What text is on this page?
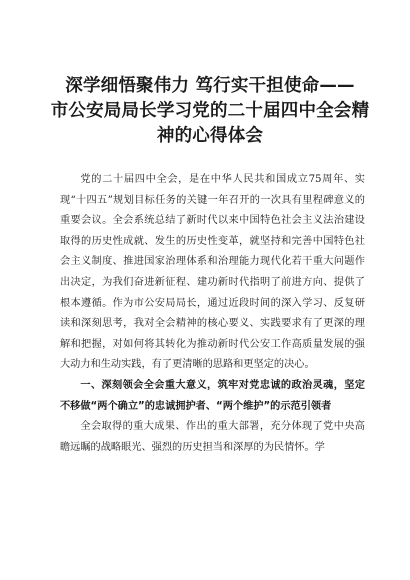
深学细悟聚伟力 笃行实干担使命——
市公安局局长学习党的二十届四中全会精
神的心得体会

党的二十届四中全会，是在中华人民共和国成立75周年、实现“十四五”规划目标任务的关键一年召开的一次具有里程碑意义的重要会议。全会系统总结了新时代以来中国特色社会主义法治建设取得的历史性成就、发生的历史性变革，就坚持和完善中国特色社会主义制度、推进国家治理体系和治理能力现代化若干重大问题作出决定，为我们奋进新征程、建功新时代指明了前进方向、提供了根本遵循。作为市公安局局长，通过近段时间的深入学习、反复研读和深刻思考，我对全会精神的核心要义、实践要求有了更深的理解和把握，对如何将其转化为推动新时代公安工作高质量发展的强大动力和生动实践，有了更清晰的思路和更坚定的决心。

一、深刻领会全会重大意义，筑牢对党忠诚的政治灵魂，坚定不移做“两个确立”的忠诚拥护者、“两个维护”的示范引领者

全会取得的重大成果、作出的重大部署，充分体现了党中央高瞻远瞩的战略眼光、强烈的历史担当和深厚的为民情怀。学
